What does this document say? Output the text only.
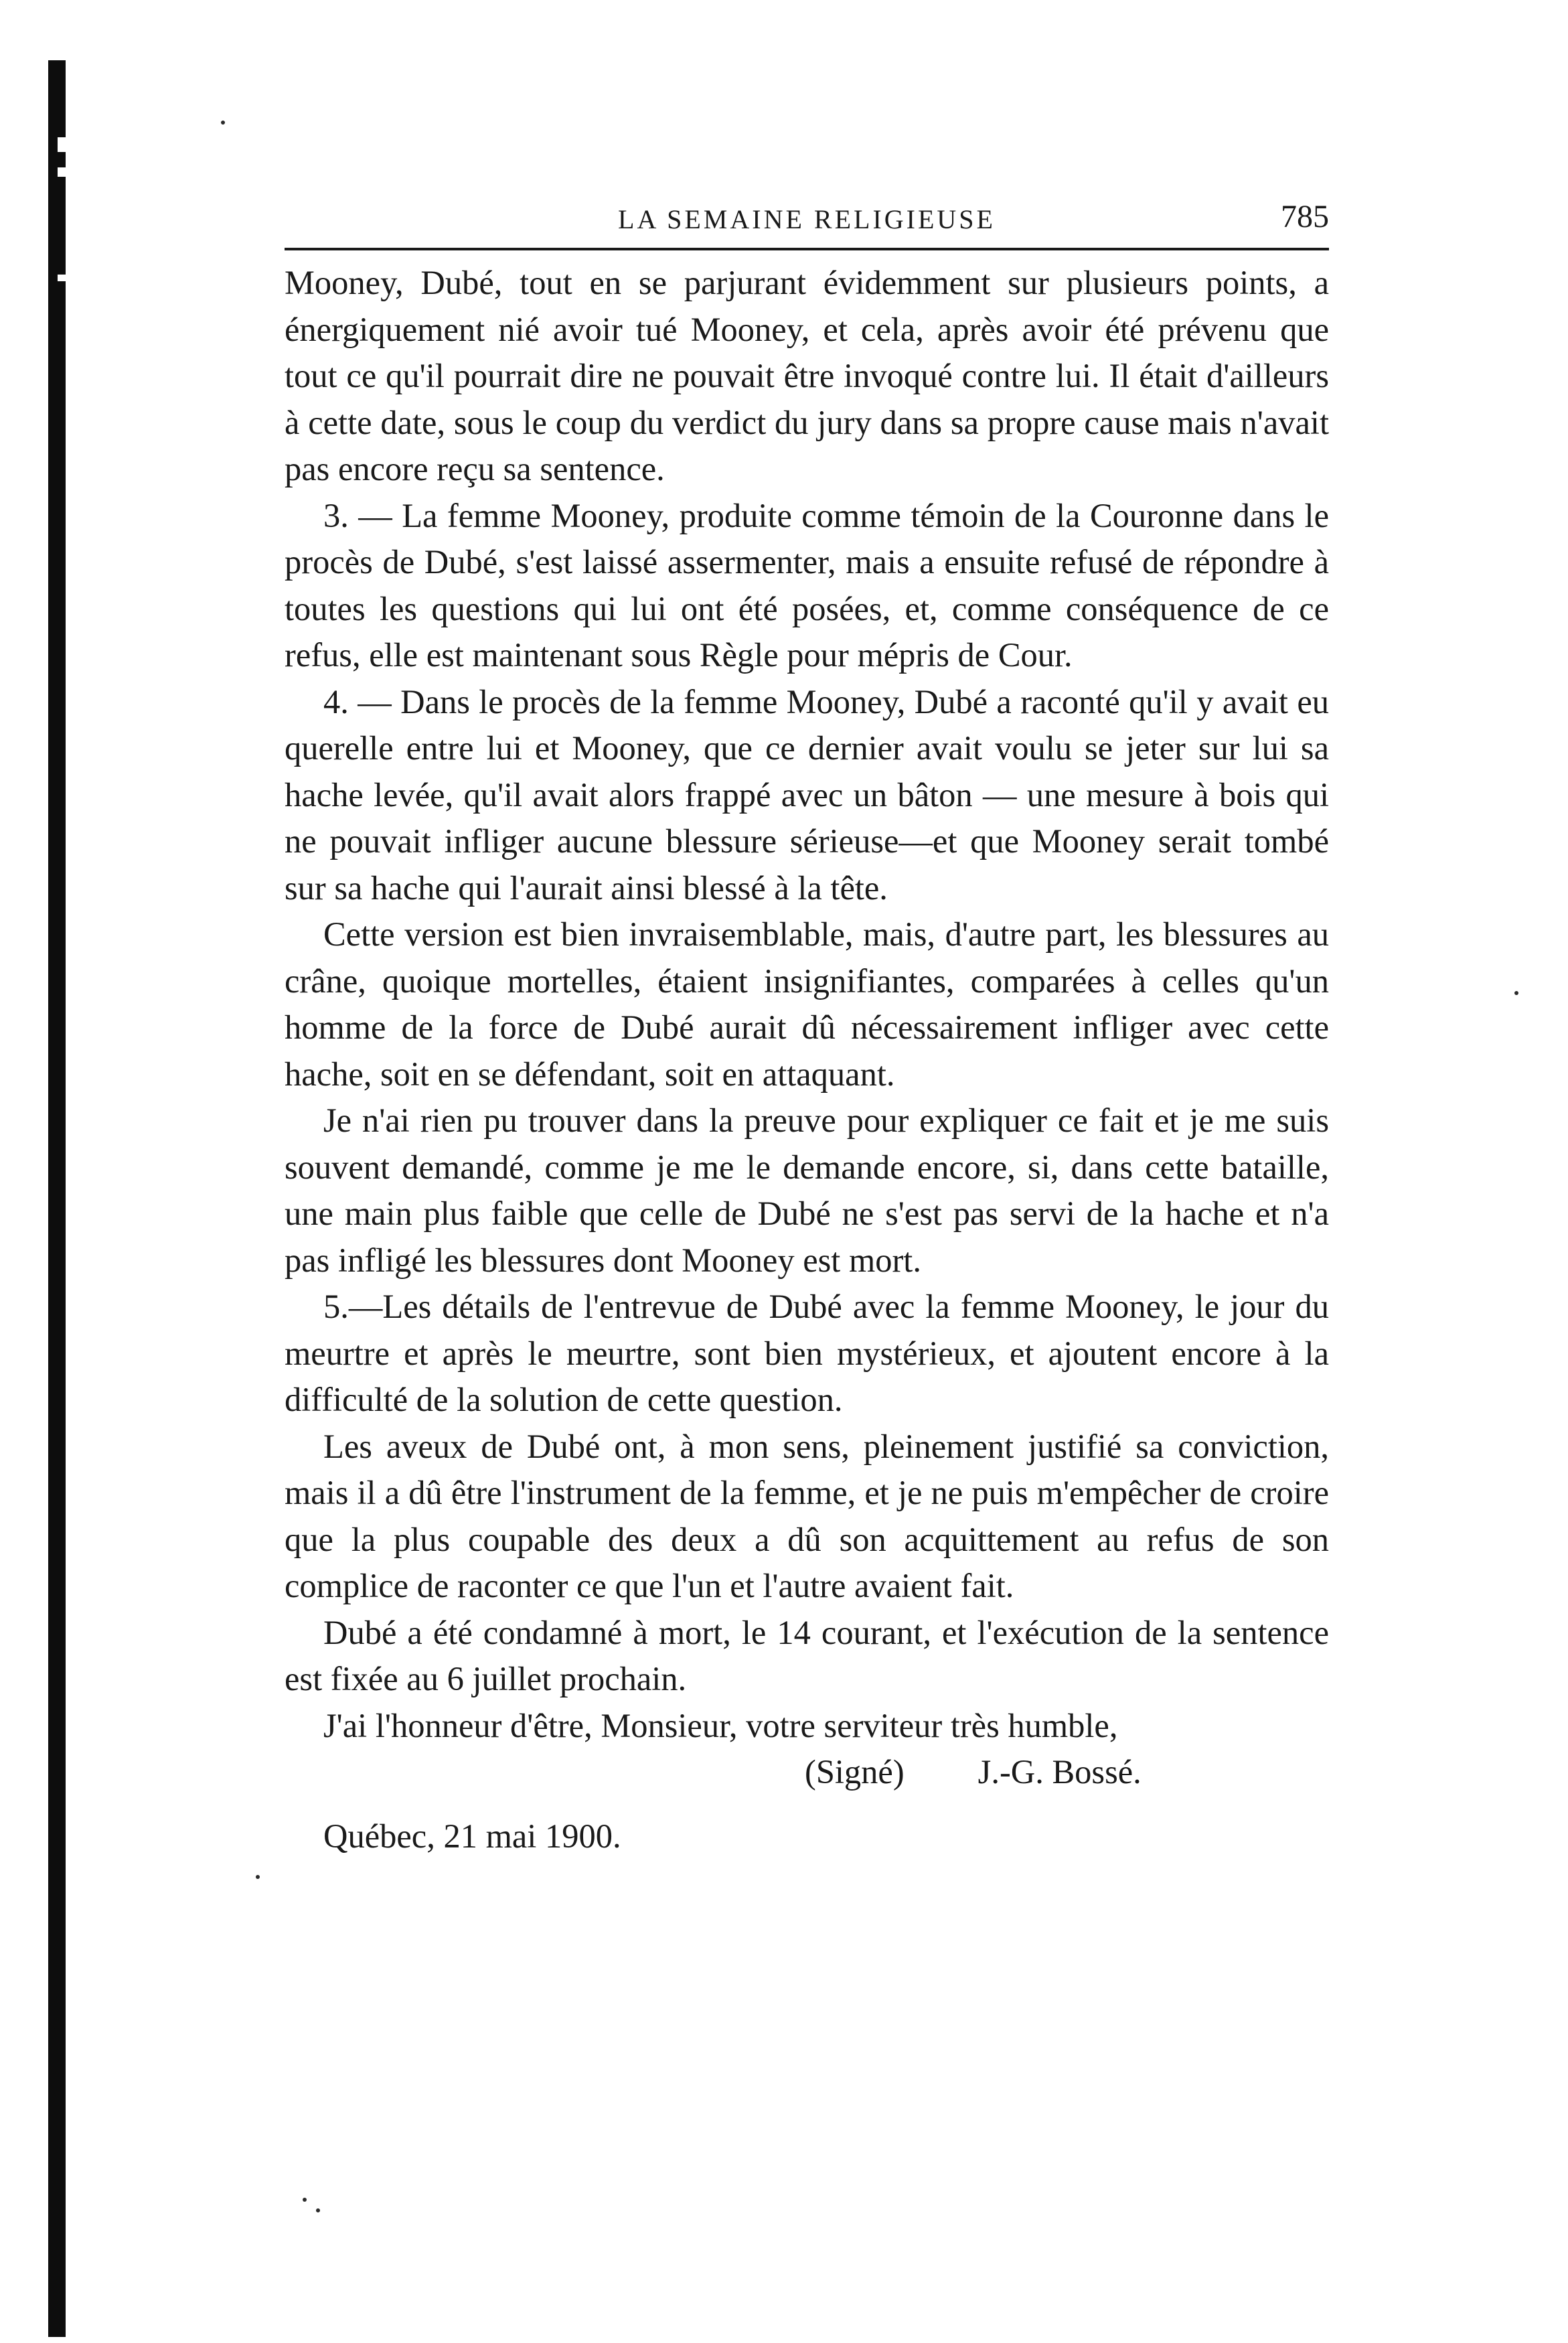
LA SEMAINE RELIGIEUSE	785

Mooney, Dubé, tout en se parjurant évidemment sur plusieurs points, a énergiquement nié avoir tué Mooney, et cela, après avoir été prévenu que tout ce qu'il pourrait dire ne pouvait être invoqué contre lui. Il était d'ailleurs à cette date, sous le coup du verdict du jury dans sa propre cause mais n'avait pas encore reçu sa sentence.

3. — La femme Mooney, produite comme témoin de la Couronne dans le procès de Dubé, s'est laissé assermenter, mais a ensuite refusé de répondre à toutes les questions qui lui ont été posées, et, comme conséquence de ce refus, elle est maintenant sous Règle pour mépris de Cour.

4. — Dans le procès de la femme Mooney, Dubé a raconté qu'il y avait eu querelle entre lui et Mooney, que ce dernier avait voulu se jeter sur lui sa hache levée, qu'il avait alors frappé avec un bâton — une mesure à bois qui ne pouvait infliger aucune blessure sérieuse—et que Mooney serait tombé sur sa hache qui l'aurait ainsi blessé à la tête.

Cette version est bien invraisemblable, mais, d'autre part, les blessures au crâne, quoique mortelles, étaient insignifiantes, comparées à celles qu'un homme de la force de Dubé aurait dû nécessairement infliger avec cette hache, soit en se défendant, soit en attaquant.

Je n'ai rien pu trouver dans la preuve pour expliquer ce fait et je me suis souvent demandé, comme je me le demande encore, si, dans cette bataille, une main plus faible que celle de Dubé ne s'est pas servi de la hache et n'a pas infligé les blessures dont Mooney est mort.

5.—Les détails de l'entrevue de Dubé avec la femme Mooney, le jour du meurtre et après le meurtre, sont bien mystérieux, et ajoutent encore à la difficulté de la solution de cette question.

Les aveux de Dubé ont, à mon sens, pleinement justifié sa conviction, mais il a dû être l'instrument de la femme, et je ne puis m'empêcher de croire que la plus coupable des deux a dû son acquittement au refus de son complice de raconter ce que l'un et l'autre avaient fait.

Dubé a été condamné à mort, le 14 courant, et l'exécution de la sentence est fixée au 6 juillet prochain.

J'ai l'honneur d'être, Monsieur, votre serviteur très humble,

(Signé) J.-G. Bossé.
Québec, 21 mai 1900.
